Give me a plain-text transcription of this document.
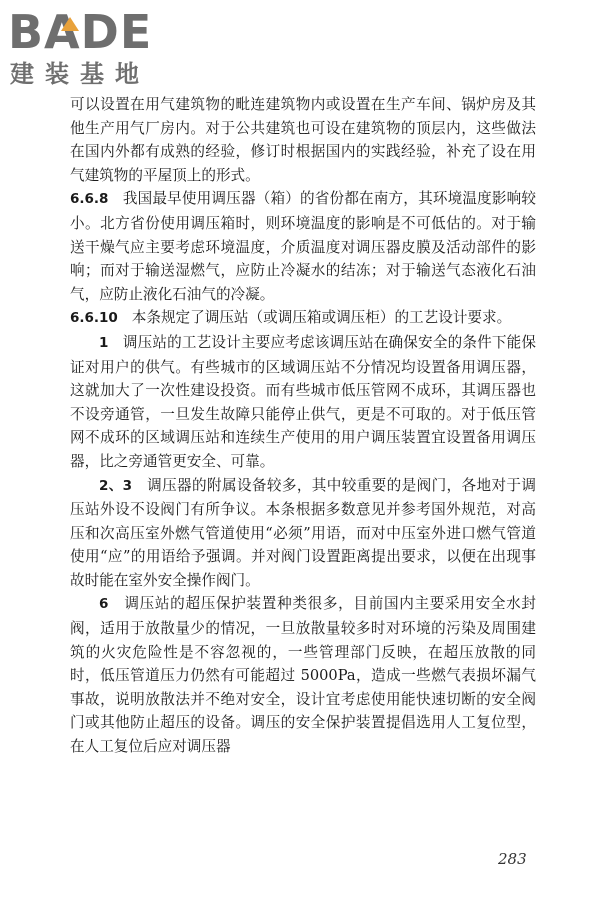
BADE
建装基地

可以设置在用气建筑物的毗连建筑物内或设置在生产车间、锅炉房及其他生产用气厂房内。对于公共建筑也可设在建筑物的顶层内，这些做法在国内外都有成熟的经验，修订时根据国内的实践经验，补充了设在用气建筑物的平屋顶上的形式。

6.6.8 我国最早使用调压器（箱）的省份都在南方，其环境温度影响较小。北方省份使用调压箱时，则环境温度的影响是不可低估的。对于输送干燥气应主要考虑环境温度，介质温度对调压器皮膜及活动部件的影响；而对于输送湿燃气，应防止冷凝水的结冻；对于输送气态液化石油气，应防止液化石油气的冷凝。

6.6.10 本条规定了调压站（或调压箱或调压柜）的工艺设计要求。

1 调压站的工艺设计主要应考虑该调压站在确保安全的条件下能保证对用户的供气。有些城市的区域调压站不分情况均设置备用调压器，这就加大了一次性建设投资。而有些城市低压管网不成环，其调压器也不设旁通管，一旦发生故障只能停止供气，更是不可取的。对于低压管网不成环的区域调压站和连续生产使用的用户调压装置宜设置备用调压器，比之旁通管更安全、可靠。

2、3 调压器的附属设备较多，其中较重要的是阀门，各地对于调压站外设不设阀门有所争议。本条根据多数意见并参考国外规范，对高压和次高压室外燃气管道使用“必须”用语，而对中压室外进口燃气管道使用“应”的用语给予强调。并对阀门设置距离提出要求，以便在出现事故时能在室外安全操作阀门。

6 调压站的超压保护装置种类很多，目前国内主要采用安全水封阀，适用于放散量少的情况，一旦放散量较多时对环境的污染及周围建筑的火灾危险性是不容忽视的，一些管理部门反映，在超压放散的同时，低压管道压力仍然有可能超过 5000Pa，造成一些燃气表损坏漏气事故，说明放散法并不绝对安全，设计宜考虑使用能快速切断的安全阀门或其他防止超压的设备。调压的安全保护装置提倡选用人工复位型，在人工复位后应对调压器

283
